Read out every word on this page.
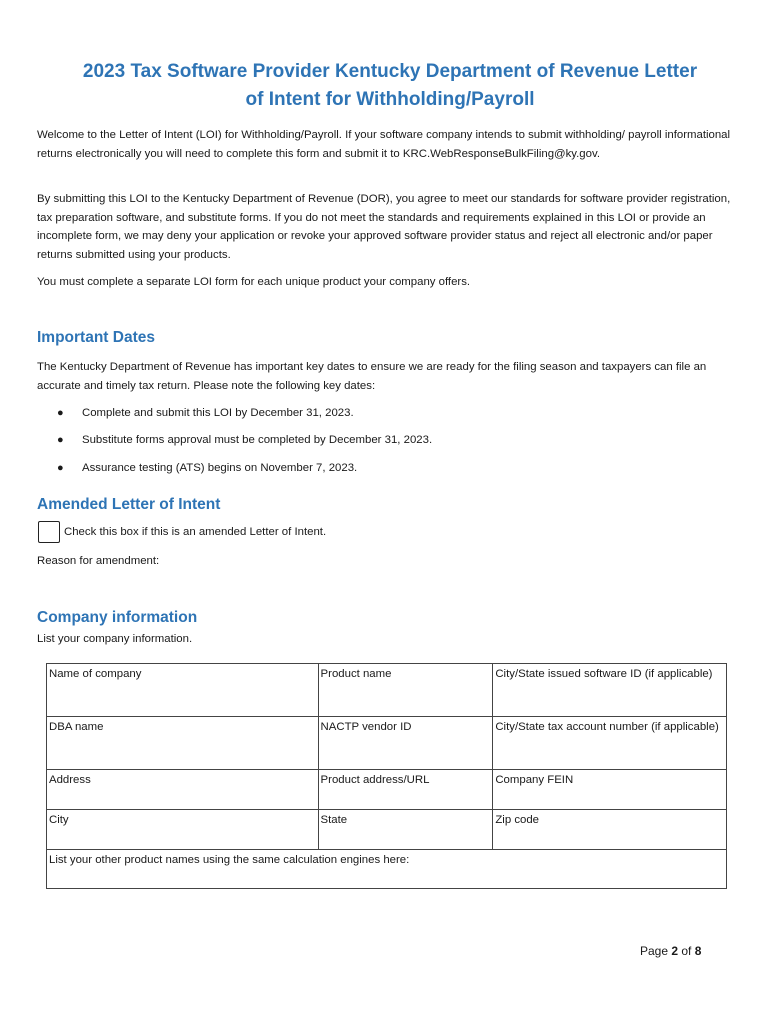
2023 Tax Software Provider Kentucky Department of Revenue Letter
of Intent for Withholding/Payroll

Welcome to the Letter of Intent (LOI) for Withholding/Payroll. If your software company intends to submit withholding/ payroll informational returns electronically you will need to complete this form and submit it to KRC.WebResponseBulkFiling@ky.gov.

By submitting this LOI to the Kentucky Department of Revenue (DOR), you agree to meet our standards for software provider registration, tax preparation software, and substitute forms. If you do not meet the standards and requirements explained in this LOI or provide an incomplete form, we may deny your application or revoke your approved software provider status and reject all electronic and/or paper returns submitted using your products.

You must complete a separate LOI form for each unique product your company offers.

Important Dates

The Kentucky Department of Revenue has important key dates to ensure we are ready for the filing season and taxpayers can file an accurate and timely tax return. Please note the following key dates:

● Complete and submit this LOI by December 31, 2023.
● Substitute forms approval must be completed by December 31, 2023.
● Assurance testing (ATS) begins on November 7, 2023.
Amended Letter of Intent
Check this box if this is an amended Letter of Intent.

Reason for amendment:

Company information

List your company information.

Name of company	Product name	City/State issued software ID (if applicable)
DBA name	NACTP vendor ID	City/State tax account number (if applicable)
Address	Product address/URL	Company FEIN
City	State	Zip code
List your other product names using the same calculation engines here:		
Page 2 of 8
